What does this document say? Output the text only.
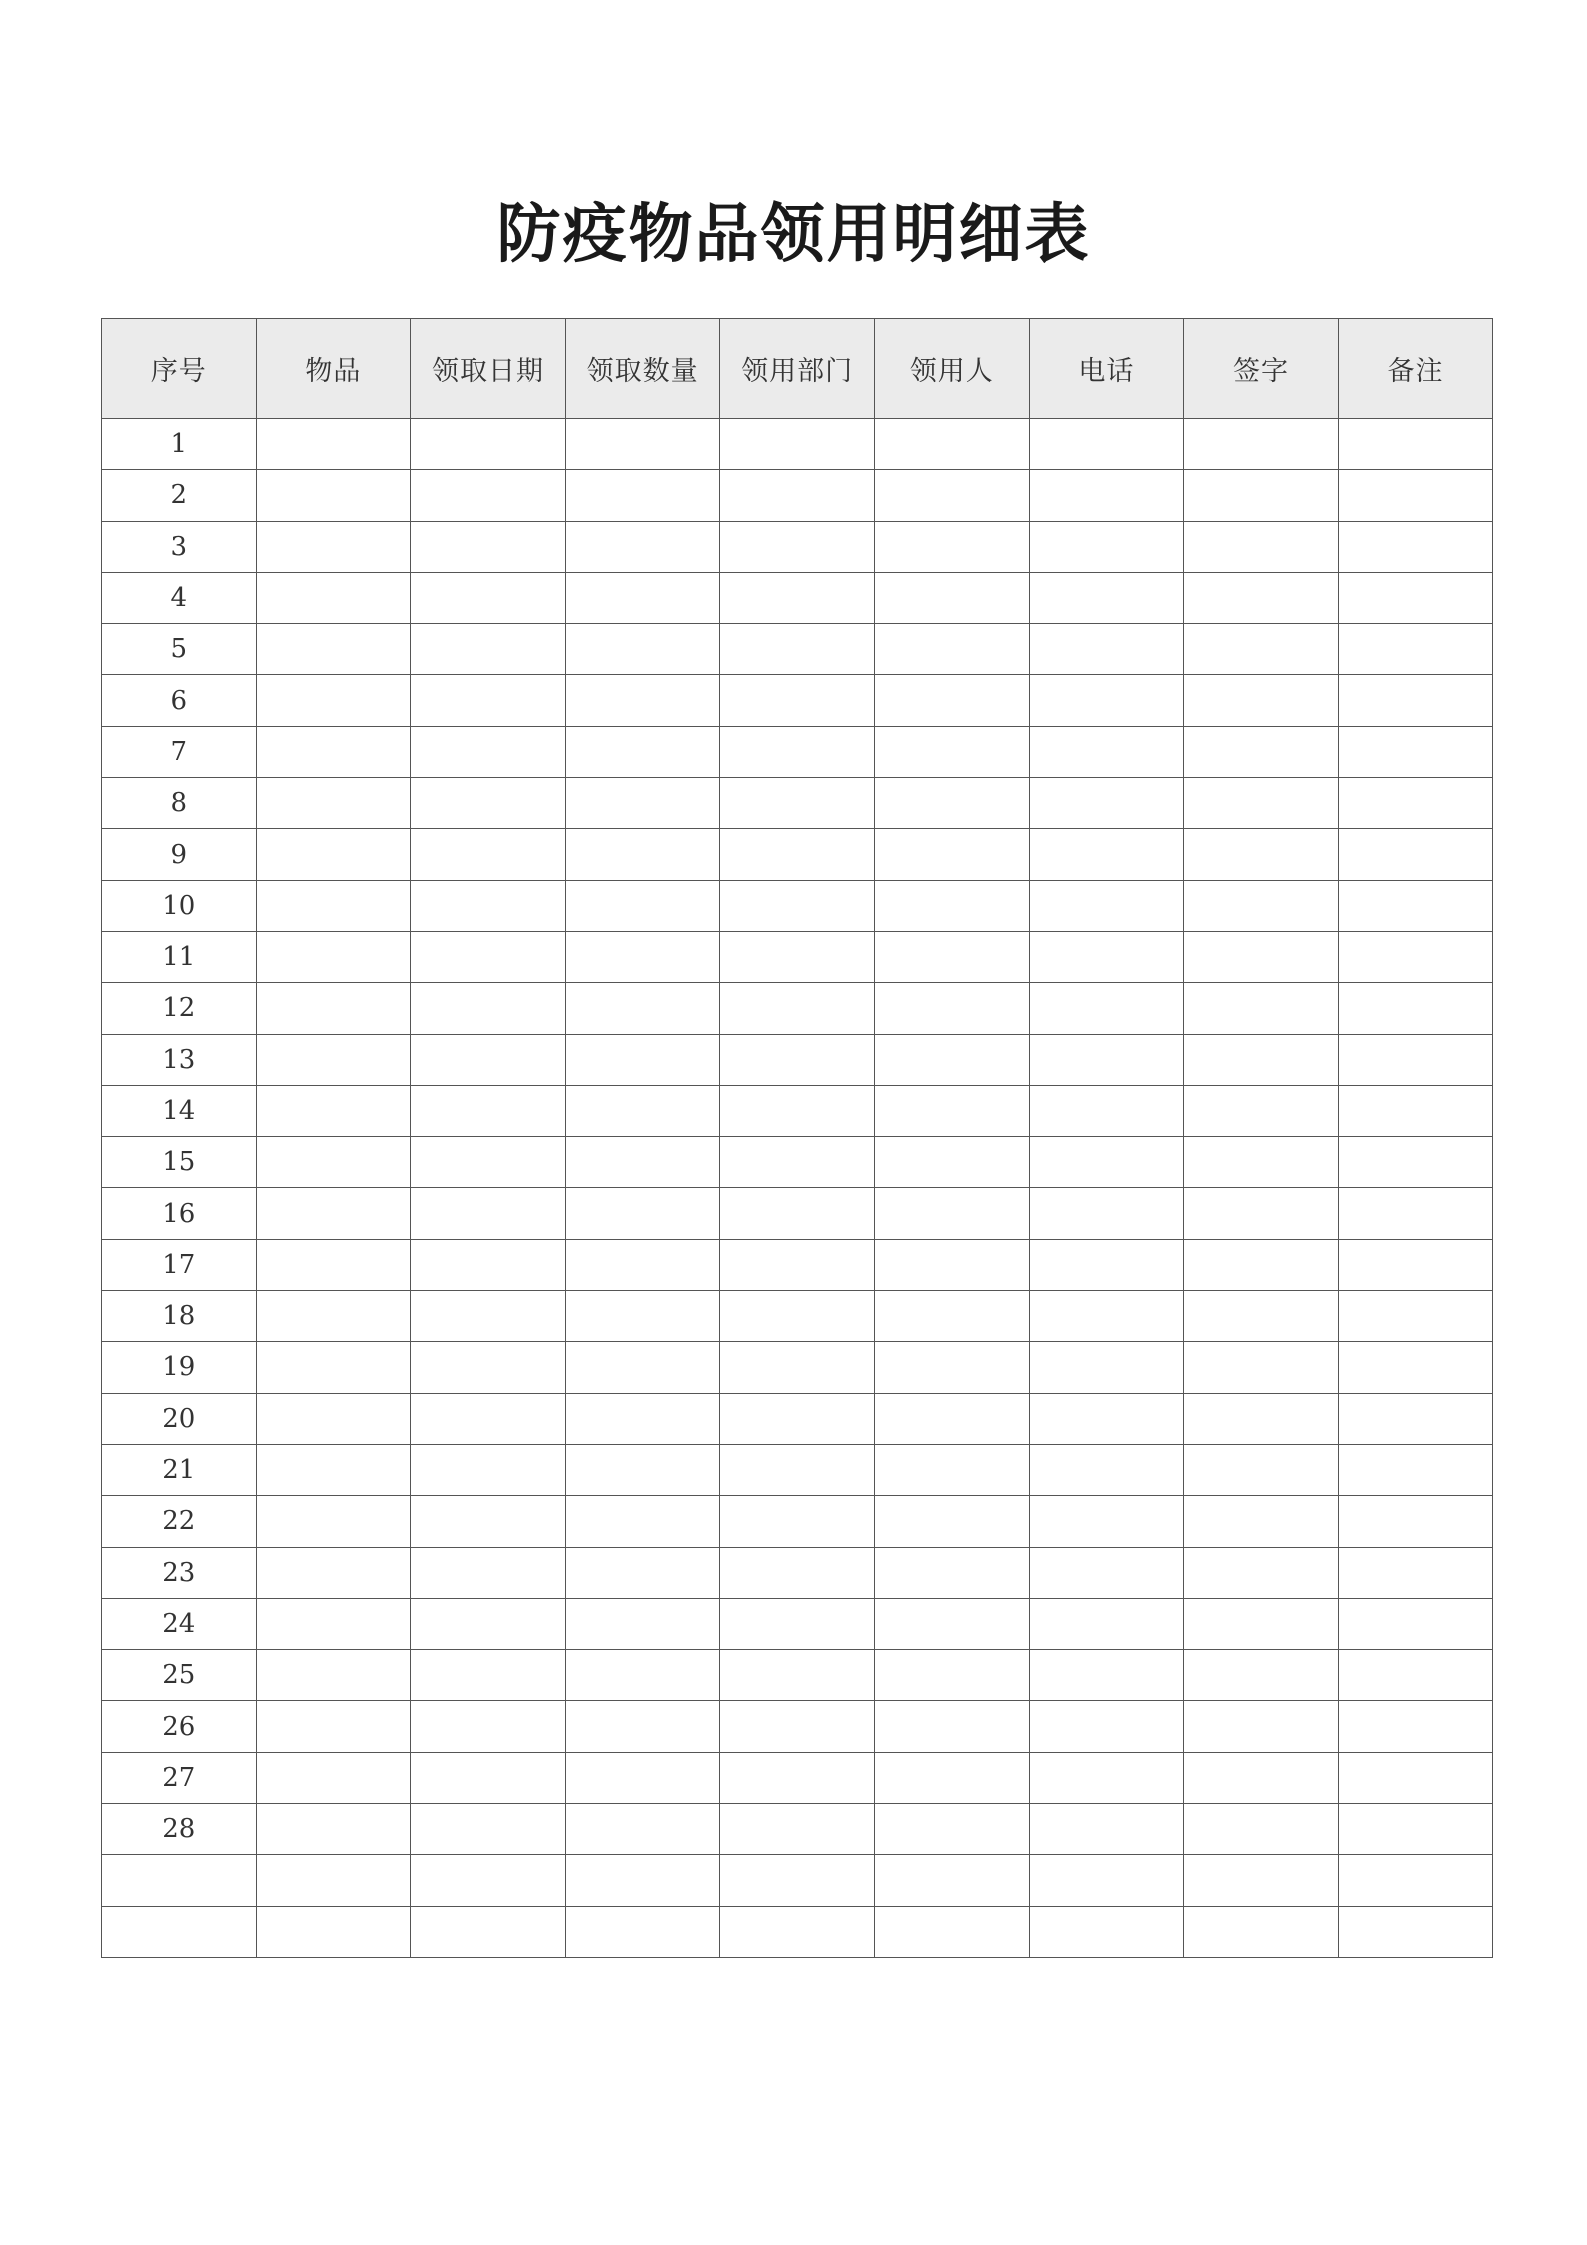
防疫物品领用明细表
序号	物品	领取日期	领取数量	领用部门	领用人	电话	签字	备注
1								
2								
3								
4								
5								
6								
7								
8								
9								
10								
11								
12								
13								
14								
15								
16								
17								
18								
19								
20								
21								
22								
23								
24								
25								
26								
27								
28								
